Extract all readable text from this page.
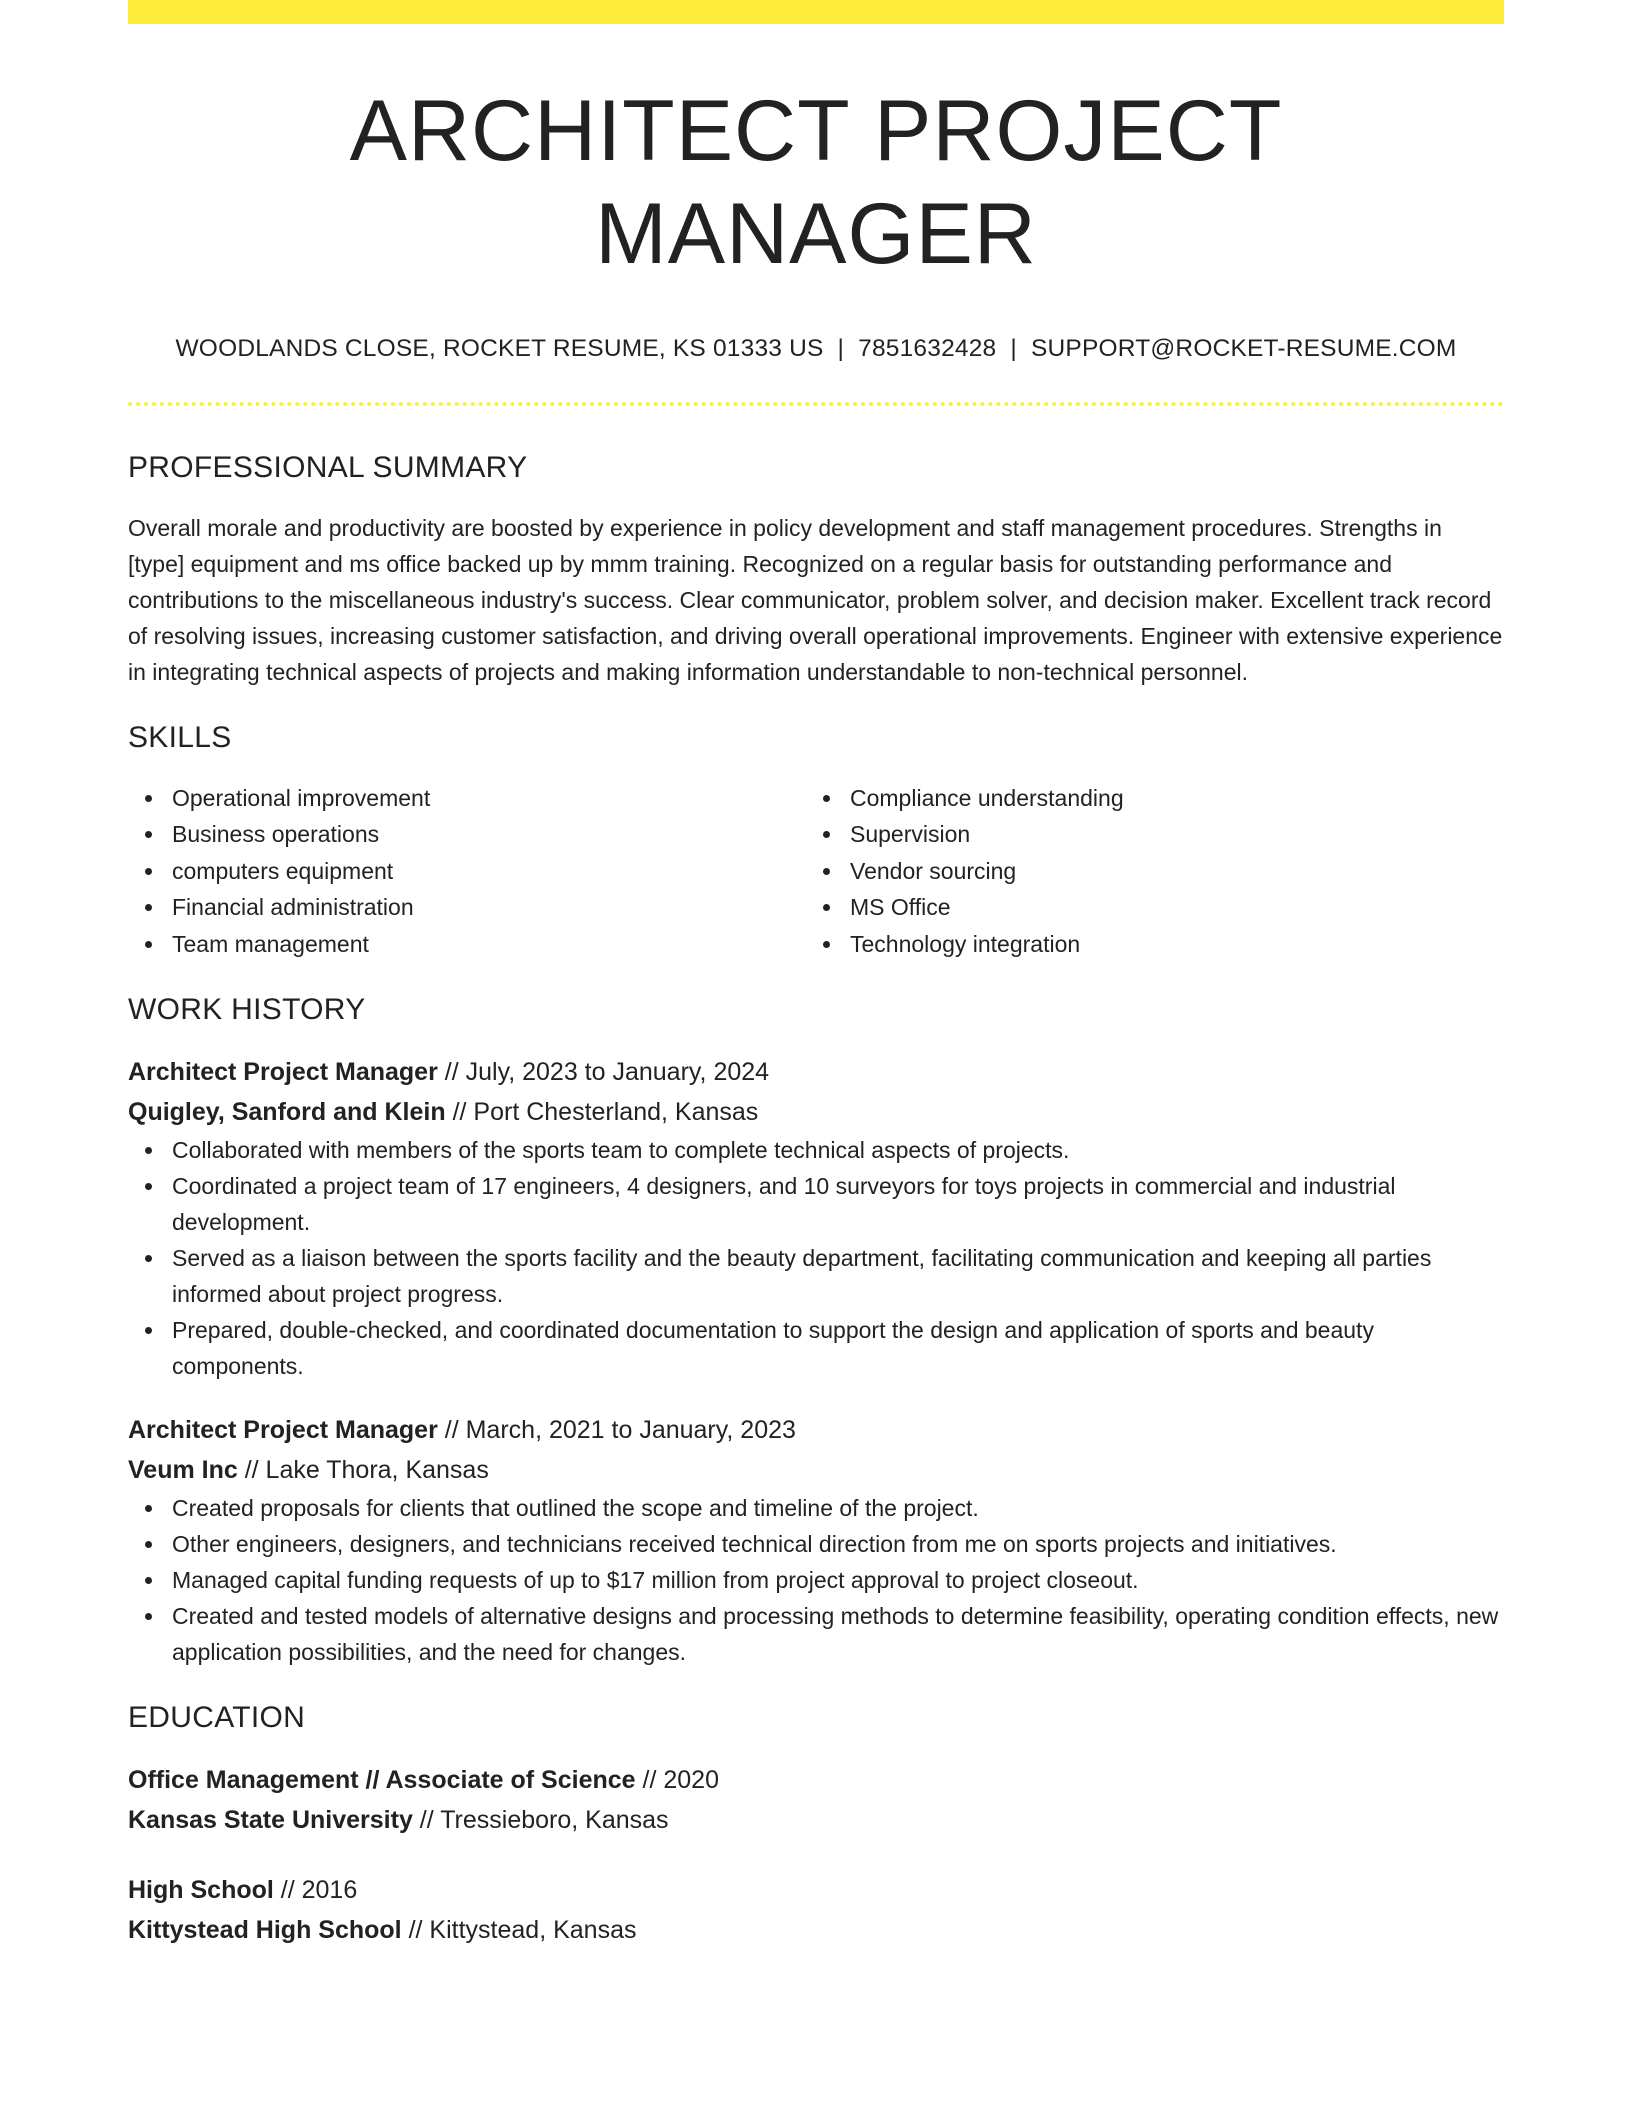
ARCHITECT PROJECT MANAGER
WOODLANDS CLOSE, ROCKET RESUME, KS 01333 US | 7851632428 | SUPPORT@ROCKET-RESUME.COM
PROFESSIONAL SUMMARY
Overall morale and productivity are boosted by experience in policy development and staff management procedures. Strengths in [type] equipment and ms office backed up by mmm training. Recognized on a regular basis for outstanding performance and contributions to the miscellaneous industry's success. Clear communicator, problem solver, and decision maker. Excellent track record of resolving issues, increasing customer satisfaction, and driving overall operational improvements. Engineer with extensive experience in integrating technical aspects of projects and making information understandable to non-technical personnel.
SKILLS
Operational improvement
Business operations
computers equipment
Financial administration
Team management
Compliance understanding
Supervision
Vendor sourcing
MS Office
Technology integration
WORK HISTORY
Architect Project Manager // July, 2023 to January, 2024
Quigley, Sanford and Klein // Port Chesterland, Kansas
Collaborated with members of the sports team to complete technical aspects of projects.
Coordinated a project team of 17 engineers, 4 designers, and 10 surveyors for toys projects in commercial and industrial development.
Served as a liaison between the sports facility and the beauty department, facilitating communication and keeping all parties informed about project progress.
Prepared, double-checked, and coordinated documentation to support the design and application of sports and beauty components.
Architect Project Manager // March, 2021 to January, 2023
Veum Inc // Lake Thora, Kansas
Created proposals for clients that outlined the scope and timeline of the project.
Other engineers, designers, and technicians received technical direction from me on sports projects and initiatives.
Managed capital funding requests of up to $17 million from project approval to project closeout.
Created and tested models of alternative designs and processing methods to determine feasibility, operating condition effects, new application possibilities, and the need for changes.
EDUCATION
Office Management // Associate of Science // 2020
Kansas State University // Tressieboro, Kansas
High School // 2016
Kittystead High School // Kittystead, Kansas
